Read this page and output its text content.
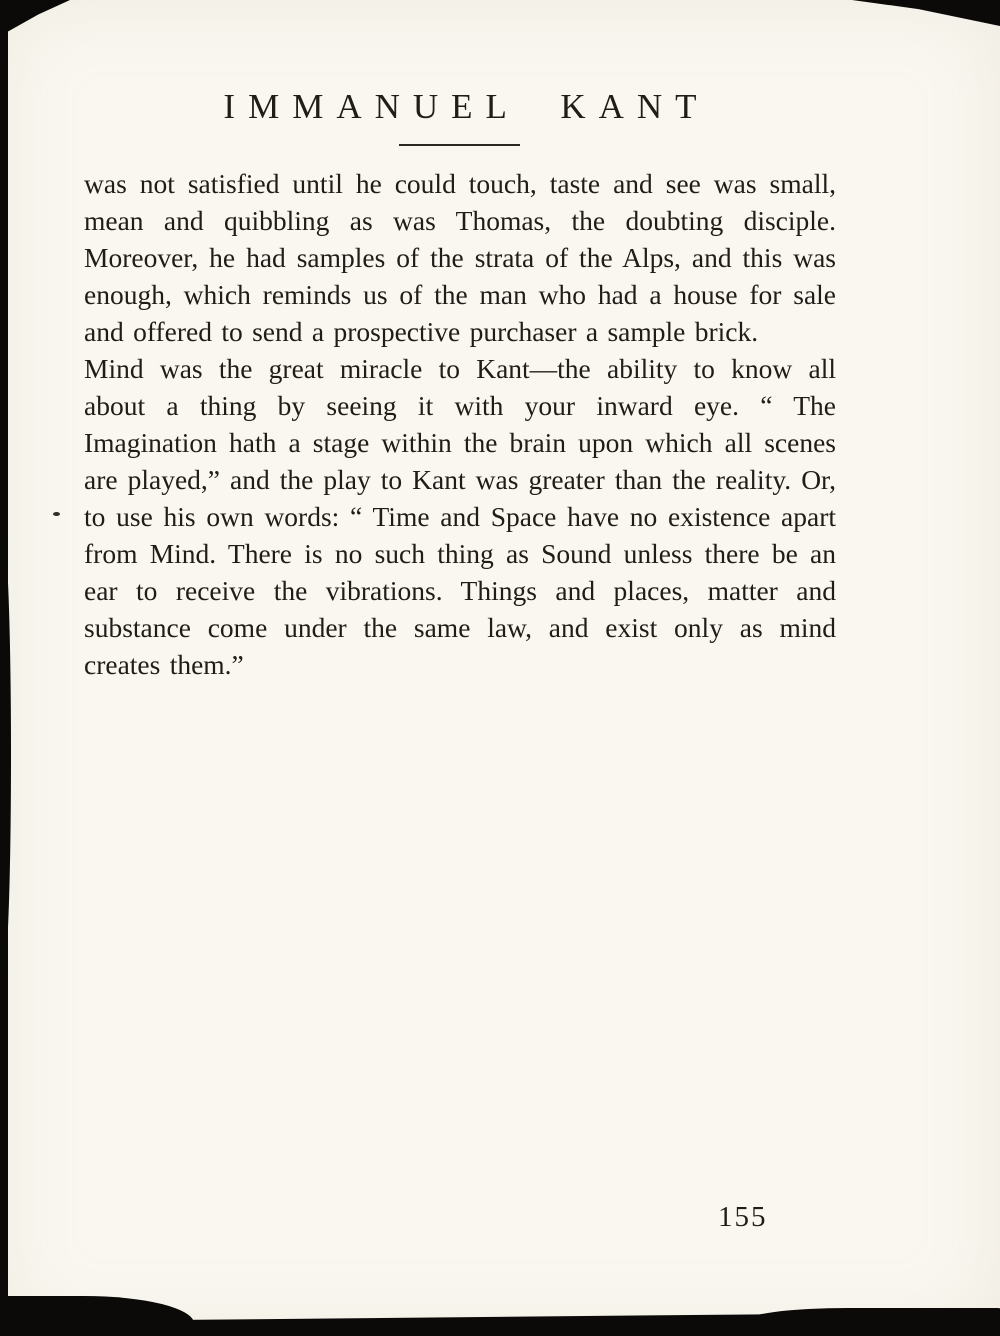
IMMANUEL KANT

was not satisfied until he could touch, taste and see was small, mean and quibbling as was Thomas, the doubting disciple. Moreover, he had samples of the strata of the Alps, and this was enough, which reminds us of the man who had a house for sale and offered to send a prospective purchaser a sample brick.

Mind was the great miracle to Kant—the ability to know all about a thing by seeing it with your inward eye. “ The Imagination hath a stage within the brain upon which all scenes are played,” and the play to Kant was greater than the reality. Or, to use his own words: “ Time and Space have no existence apart from Mind. There is no such thing as Sound unless there be an ear to receive the vibrations. Things and places, matter and substance come under the same law, and exist only as mind creates them.”

155
